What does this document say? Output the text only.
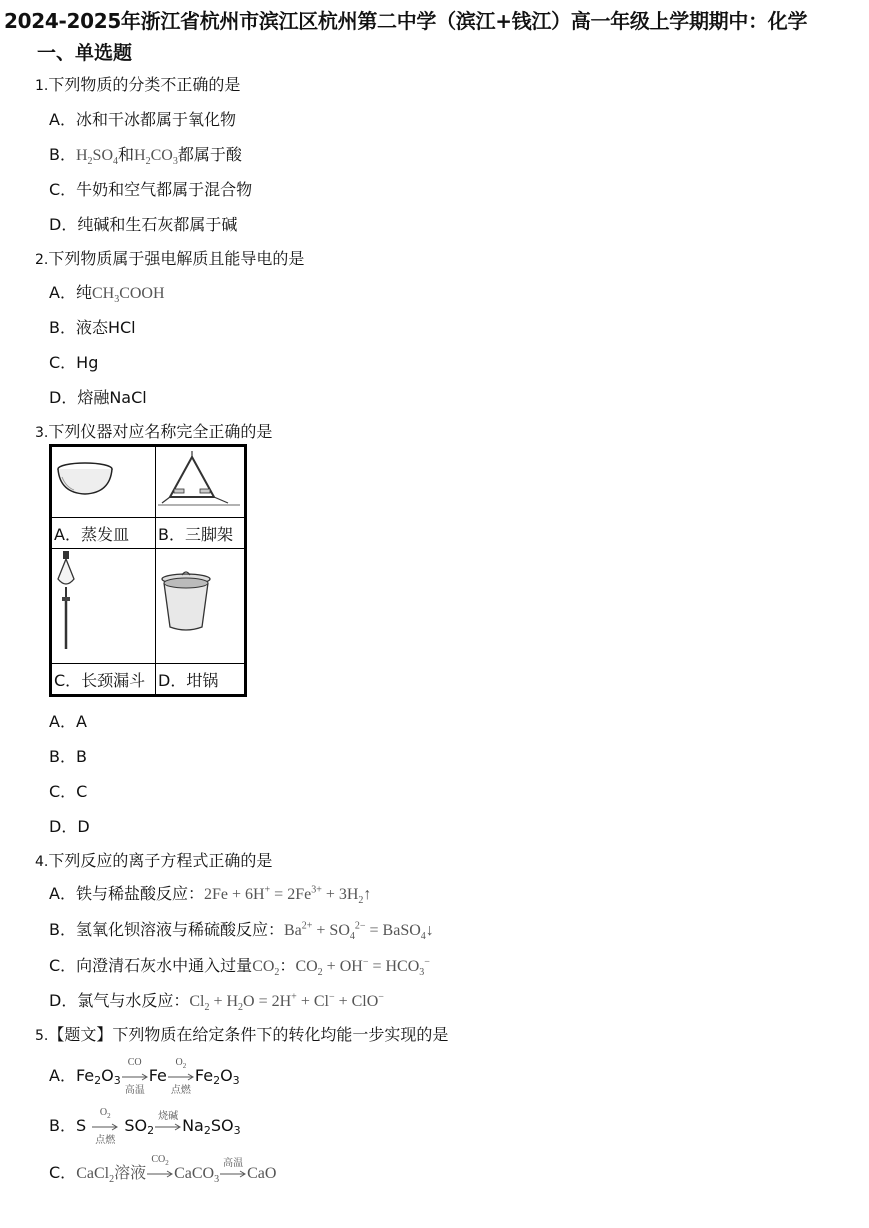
2024-2025年浙江省杭州市滨江区杭州第二中学（滨江+钱江）高一年级上学期期中：化学
一、单选题
1.下列物质的分类不正确的是
A．冰和干冰都属于氧化物
B．$H_2SO_4$和$H_2CO_3$都属于酸
C．牛奶和空气都属于混合物
D．纯碱和生石灰都属于碱
2.下列物质属于强电解质且能导电的是
A．纯$CH_3COOH$
B．液态HCl
C．Hg
D．熔融NaCl
3.下列仪器对应名称完全正确的是

A．蒸发皿	B．三脚架

C．长颈漏斗	D．坩锅
A．A
B．B
C．C
D．D
4.下列反应的离子方程式正确的是
A．铁与稀盐酸反应：$2Fe + 6H^+ = 2Fe^{3+}$ + $3H_2↑$
B．氢氧化钡溶液与稀硫酸反应：$Ba^{2+} + SO_4^{2-}$ = BaSO$_4$↓
C．向澄清石灰水中通入过量$CO_2$：$CO_2 + OH^- = HCO_3^-$
D．氯气与水反应：$Cl_2 + H_2O = 2H^+ + Cl^- + ClO^-$
5.【题文】下列物质在给定条件下的转化均能一步实现的是
A．$Fe_2O_3$
CO
高温
Fe
$O_2$
点燃
$Fe_2O_3$
B．S
$O_2$
点燃
$SO_2$
烧碱 $Na_2SO_3$
C．CaCl$_2$溶液
$CO_2$
CaCO$_3$
高温
CaO
